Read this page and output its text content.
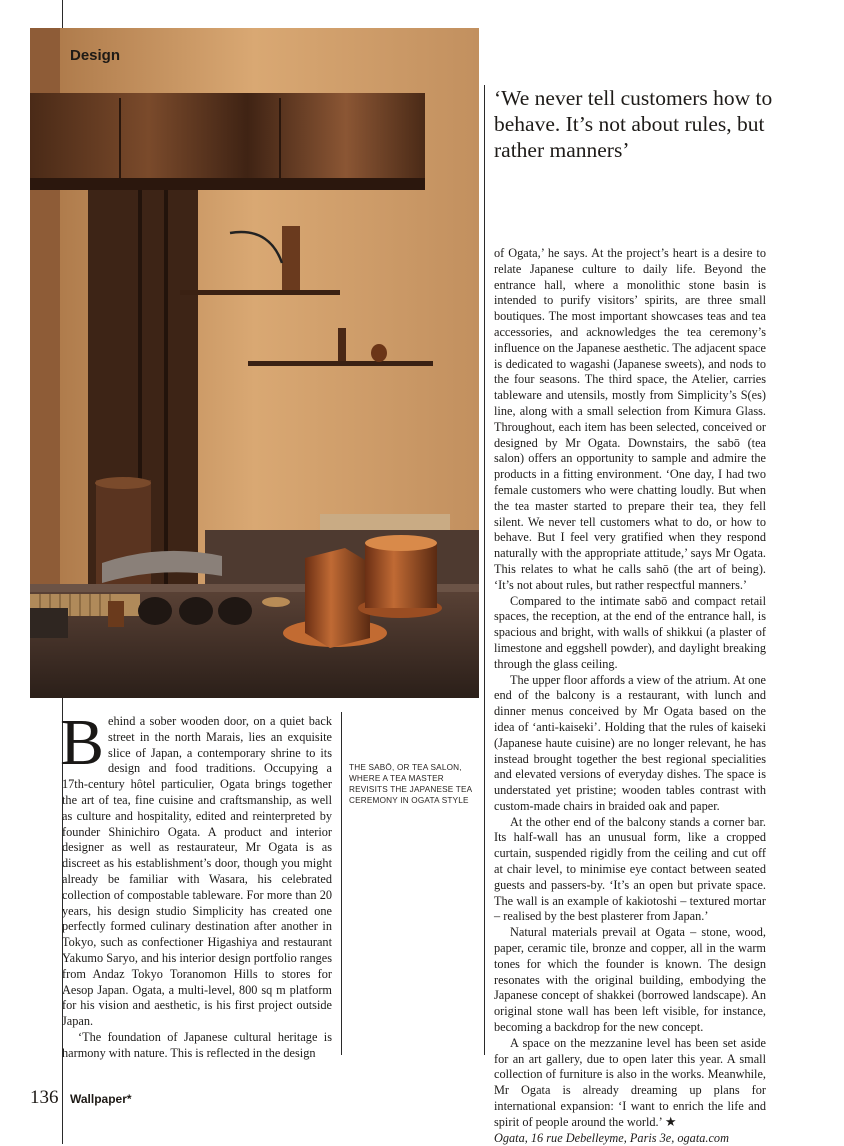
Design
‘We never tell customers how to behave. It’s not about rules, but rather manners’

Behind a sober wooden door, on a quiet back street in the north Marais, lies an exquisite slice of Japan, a contemporary shrine to its design and food traditions. Occupying a 17th-century hôtel particulier, Ogata brings together the art of tea, fine cuisine and craftsmanship, as well as culture and hospitality, edited and reinterpreted by founder Shinichiro Ogata. A product and interior designer as well as restaurateur, Mr Ogata is as discreet as his establishment’s door, though you might already be familiar with Wasara, his celebrated collection of compostable tableware. For more than 20 years, his design studio Simplicity has created one perfectly formed culinary destination after another in Tokyo, such as confectioner Higashiya and restaurant Yakumo Saryo, and his interior design portfolio ranges from Andaz Tokyo Toranomon Hills to stores for Aesop Japan. Ogata, a multi-level, 800 sq m platform for his vision and aesthetic, is his first project outside Japan.

‘The foundation of Japanese cultural heritage is harmony with nature. This is reflected in the design

THE SABŌ, OR TEA SALON, WHERE A TEA MASTER REVISITS THE JAPANESE TEA CEREMONY IN OGATA STYLE

of Ogata,’ he says. At the project’s heart is a desire to relate Japanese culture to daily life. Beyond the entrance hall, where a monolithic stone basin is intended to purify visitors’ spirits, are three small boutiques. The most important showcases teas and tea accessories, and acknowledges the tea ceremony’s influence on the Japanese aesthetic. The adjacent space is dedicated to wagashi (Japanese sweets), and nods to the four seasons. The third space, the Atelier, carries tableware and utensils, mostly from Simplicity’s S(es) line, along with a small selection from Kimura Glass. Throughout, each item has been selected, conceived or designed by Mr Ogata. Downstairs, the sabō (tea salon) offers an opportunity to sample and admire the products in a fitting environment. ‘One day, I had two female customers who were chatting loudly. But when the tea master started to prepare their tea, they fell silent. We never tell customers what to do, or how to behave. But I feel very gratified when they respond naturally with the appropriate attitude,’ says Mr Ogata. This relates to what he calls sahō (the art of being). ‘It’s not about rules, but rather respectful manners.’

Compared to the intimate sabō and compact retail spaces, the reception, at the end of the entrance hall, is spacious and bright, with walls of shikkui (a plaster of limestone and eggshell powder), and daylight breaking through the glass ceiling.

The upper floor affords a view of the atrium. At one end of the balcony is a restaurant, with lunch and dinner menus conceived by Mr Ogata based on the idea of ‘anti-kaiseki’. Holding that the rules of kaiseki (Japanese haute cuisine) are no longer relevant, he has instead brought together the best regional specialities and elevated versions of everyday dishes. The space is understated yet pristine; wooden tables contrast with custom-made chairs in braided oak and paper.

At the other end of the balcony stands a corner bar. Its half-wall has an unusual form, like a cropped curtain, suspended rigidly from the ceiling and cut off at chair level, to minimise eye contact between seated guests and passers-by. ‘It’s an open but private space. The wall is an example of kakiotoshi – textured mortar – realised by the best plasterer from Japan.’

Natural materials prevail at Ogata – stone, wood, paper, ceramic tile, bronze and copper, all in the warm tones for which the founder is known. The design resonates with the original building, embodying the Japanese concept of shakkei (borrowed landscape). An original stone wall has been left visible, for instance, becoming a backdrop for the new concept.

A space on the mezzanine level has been set aside for an art gallery, due to open later this year. A small collection of furniture is also in the works. Meanwhile, Mr Ogata is already dreaming up plans for international expansion: ‘I want to enrich the life and spirit of people around the world.’ ★

Ogata, 16 rue Debelleyme, Paris 3e, ogata.com

136 Wallpaper*
